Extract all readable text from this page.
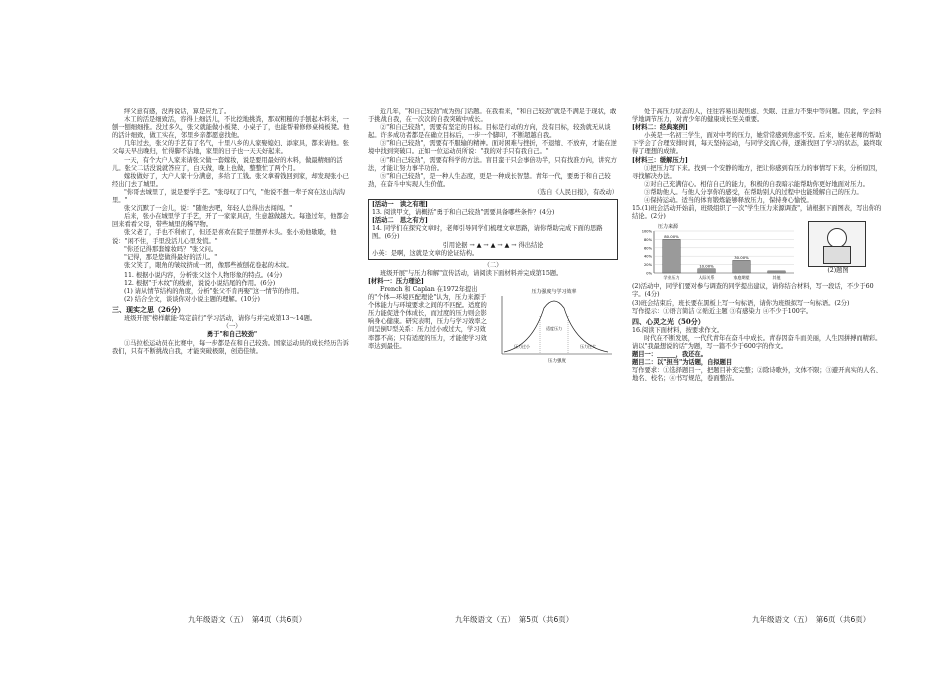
绊父意有感，没再说话，算是应允了。

木工的活是细致活，容得上细活儿，不比挖地挑粪，那双粗糙的手刨起木料来，一刨一刨细细推。没过多久，张父就能做小板凳、小桌子了，也能帮着修修桌椅板凳。他的活计细致，做工实在，邻里乡亲都愿意找他。

几年过去，张父的手艺有了名气，十里八乡的人家娶媳妇、添家具，都来请他。张父每天早出晚归，忙得脚不沾地，家里的日子也一天天好起来。

一天，有个大户人家来请张父做一套嫁妆，说是要用最好的木料，做最精细的活儿。张父二话没说就答应了，白天做，晚上也做，整整忙了两个月。

嫁妆做好了，大户人家十分满意，多给了工钱。张父拿着钱回到家，却发现张小已经出门去了城里。

"你哥去城里了，说是要学手艺。"张母叹了口气，"他说不想一辈子窝在这山沟沟里。"

张父沉默了一会儿，说："随他去吧，年轻人总得出去闯闯。"

后来，张小在城里学了手艺，开了一家家具店，生意越做越大。每逢过年，他都会回来看看父母，带些城里的稀罕物。

张父老了，手也不利索了，但还是喜欢在院子里摆弄木头。张小劝他歇歇，他说："闲不住，手里没活儿心里发慌。"

"你还记得那套嫁妆吗？"张父问。

"记得，那是您做得最好的活儿。"

张父笑了，眼角的皱纹挤成一团，像那些被刨花卷起的木纹。

11. 根据小说内容，分析张父这个人物形象的特点。(4分)

12. 根据"于木纹"的线索，说说小说结尾的作用。(6分)

(1) 请从情节结构的角度，分析"张父不肯再娶"这一情节的作用。

(2) 结合全文，谈谈你对小说主题的理解。(10分)

三、现实之思（26分）

班级开展"榜样献能·笃定前行"学习活动，请你与并完成第13～14题。

（一）
勇于"和自己较劲"

①马拉松运动员在比赛中，每一步都是在和自己较劲。国家运动员的成长经历告诉我们，只有不断挑战自我，才能突破极限，创造佳绩。

近几年，"和自己较劲"成为热门话题。在我看来，"和自己较劲"就是不满足于现状，敢于挑战自我，在一次次的自我突破中成长。

②"和自己较劲"，需要有坚定的目标。目标是行动的方向，没有目标，较劲就无从谈起。许多成功者都是在确立目标后，一步一个脚印，不断超越自我。

③"和自己较劲"，需要有不服输的精神。面对困难与挫折，不退缩、不放弃，才能在逆境中找到突破口。正如一位运动员所说："我的对手只有我自己。"

④"和自己较劲"，需要有科学的方法。盲目蛮干只会事倍功半，只有找准方向，讲究方法，才能让努力事半功倍。

⑤"和自己较劲"，是一种人生态度，更是一种成长智慧。青年一代，要勇于和自己较劲，在奋斗中实现人生价值。

（选自《人民日报》，有改动）
[活动一　读之有理]

13. 阅读甲文，请概括"勇于和自己较劲"需要具备哪些条件？(4分)

[活动二　思之有方]

14. 同学们在探究文章时，老师引导同学们梳理文章思路，请你帮助完成下面的思路图。(6分)

引用论据 → ▲ → ▲ → ▲ → 得出结论

小英：是啊，这就是文章的论证结构。

（二）

班级开展"与压力和解"宣传活动，请阅读下面材料并完成第15题。

[材料一：压力理论]

French 和 Caplan 在1972年提出的"个体—环境匹配理论"认为，压力来源于个体能力与环境要求之间的不匹配。适度的压力能促进个体成长，而过度的压力则会影响身心健康。研究表明，压力与学习效率之间呈倒U型关系：压力过小或过大，学习效率都不高；只有适度的压力，才能使学习效率达到最佳。

压力强度与学习效率
压力过小
适度压力
压力过大
压力强度

处于高压力状态的人，往往容易出现焦虑、失眠、注意力不集中等问题。因此，学会科学地调节压力，对青少年的健康成长至关重要。

[材料二：经典案例]

小英是一名初三学生，面对中考的压力，她常常感到焦虑不安。后来，她在老师的帮助下学会了合理安排时间，每天坚持运动，与同学交流心得，逐渐找回了学习的状态，最终取得了理想的成绩。

[材料三：缓解压力]

①把压力写下来。找到一个安静的地方，把让你感到有压力的事情写下来，分析原因，寻找解决办法。

②对自己充满信心。相信自己的能力，积极的自我暗示能帮助你更好地面对压力。

③帮助他人。与他人分享你的感受，在帮助别人的过程中也能缓解自己的压力。

④保持运动。适当的体育锻炼能够释放压力，保持身心愉悦。

15.(1)班会活动开始前，班级组织了一次"学生压力来源调查"，请根据下面图表，写出你的结论。(2分)

压力来源
0%
20%
40%
60%
80%
100%
学业压力
80.00%
人际关系
10.00%
家庭期望
30.00%
其他
(2)题图

(2)活动中，同学们要对参与调查的同学提出建议，请你结合材料，写一段话，不少于60字。(4分)

(3)班会结束后，班长要在黑板上写一句标语，请你为班级拟写一句标语。(2分)

写作提示：①语言简洁 ②贴近主题 ③有感染力 ④不少于100字。

四、心灵之光（50分）

16.阅读下面材料，按要求作文。

时代在不断发展，一代代青年在奋斗中成长。青春因奋斗而美丽，人生因拼搏而精彩。请以"我最想说的话"为题，写一篇不少于600字的作文。

题目一：______，我还在。

题目二：以"担当"为话题，自拟题目

写作要求：①选择题目一，把题目补充完整；②除诗歌外，文体不限；③避开真实的人名、地名、校名；④书写规范，卷面整洁。

九年级语文（五）　第4页（共6页）	九年级语文（五）　第5页（共6页）	九年级语文（五）　第6页（共6页）
